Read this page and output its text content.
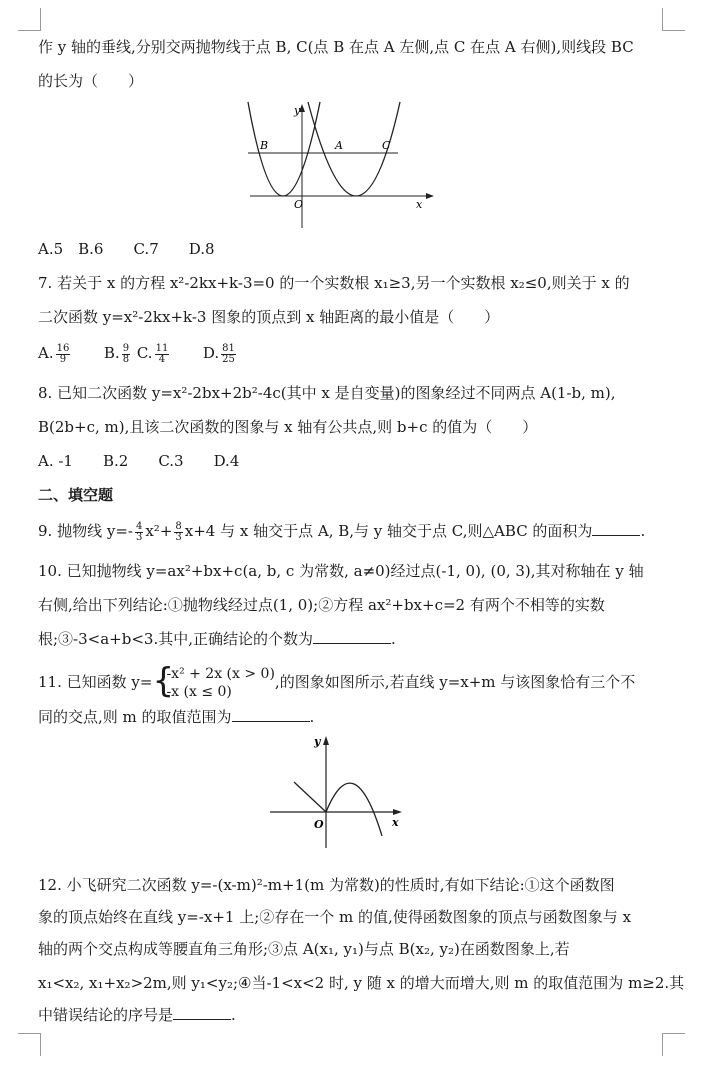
作 y 轴的垂线,分别交两抛物线于点 B, C(点 B 在点 A 左侧,点 C 在点 A 右侧),则线段 BC
的长为（　　）
y
x
O
B	A	C
A.5　B.6　　C.7　　D.8
7. 若关于 x 的方程 x²-2kx+k-3=0 的一个实数根 x₁≥3,另一个实数根 x₂≤0,则关于 x 的
二次函数 y=x²-2kx+k-3 图象的顶点到 x 轴距离的最小值是（　　）
A. $\frac{16}{9} B$. $\frac{9}{8} C$. $\frac{11}{4} D$. $\frac{81}{25}$
8. 已知二次函数 y=x²-2bx+2b²-4c(其中 x 是自变量)的图象经过不同两点 A(1-b, m),
B(2b+c, m),且该二次函数的图象与 x 轴有公共点,则 b+c 的值为（　　）
A. -1　　B.2　　C.3　　D.4
二、填空题
9. 抛物线 $y=- \frac{4}{3} x^2+ \frac{8}{3} x+4$ 与 x 轴交于点 A, B,与 y 轴交于点 C,则△ABC 的面积为	.
10. 已知抛物线 y=ax²+bx+c(a, b, c 为常数, a≠0)经过点(-1, 0), (0, 3),其对称轴在 y 轴
右侧,给出下列结论:①抛物线经过点(1, 0);②方程 ax²+bx+c=2 有两个不相等的实数
根;③-3<a+b<3.其中,正确结论的个数为	.
11. 已知函数 y= {
-x² + 2x (x > 0)
-x (x ≤ 0)
,的图象如图所示,若直线 y=x+m 与该图象恰有三个不
同的交点,则 m 的取值范围为	.
y
x
O
12. 小飞研究二次函数 y=-(x-m)²-m+1(m 为常数)的性质时,有如下结论:①这个函数图
象的顶点始终在直线 y=-x+1 上;②存在一个 m 的值,使得函数图象的顶点与函数图象与 x
轴的两个交点构成等腰直角三角形;③点 A(x₁, y₁)与点 B(x₂, y₂)在函数图象上,若
x₁<x₂, x₁+x₂>2m,则 y₁<y₂;④当-1<x<2 时, y 随 x 的增大而增大,则 m 的取值范围为 m≥2.其
中错误结论的序号是	.
